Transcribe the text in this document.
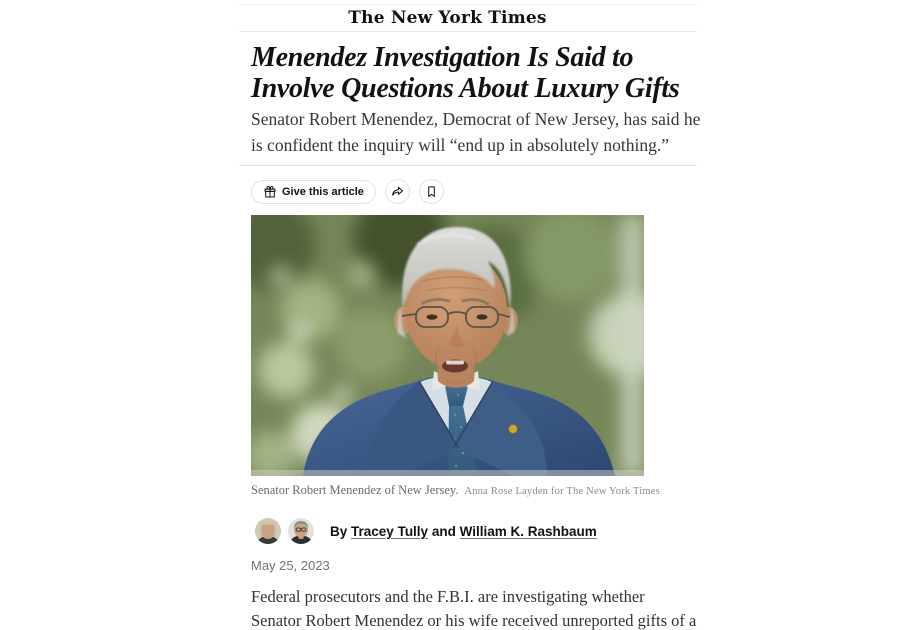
The New York Times
Menendez Investigation Is Said to
Involve Questions About Luxury Gifts
Senator Robert Menendez, Democrat of New Jersey, has said he
is confident the inquiry will “end up in absolutely nothing.”
Give this article
Senator Robert Menendez of New Jersey. Anna Rose Layden for The New York Times
By Tracey Tully and William K. Rashbaum
May 25, 2023
Federal prosecutors and the F.B.I. are investigating whether
Senator Robert Menendez or his wife received unreported gifts of a
